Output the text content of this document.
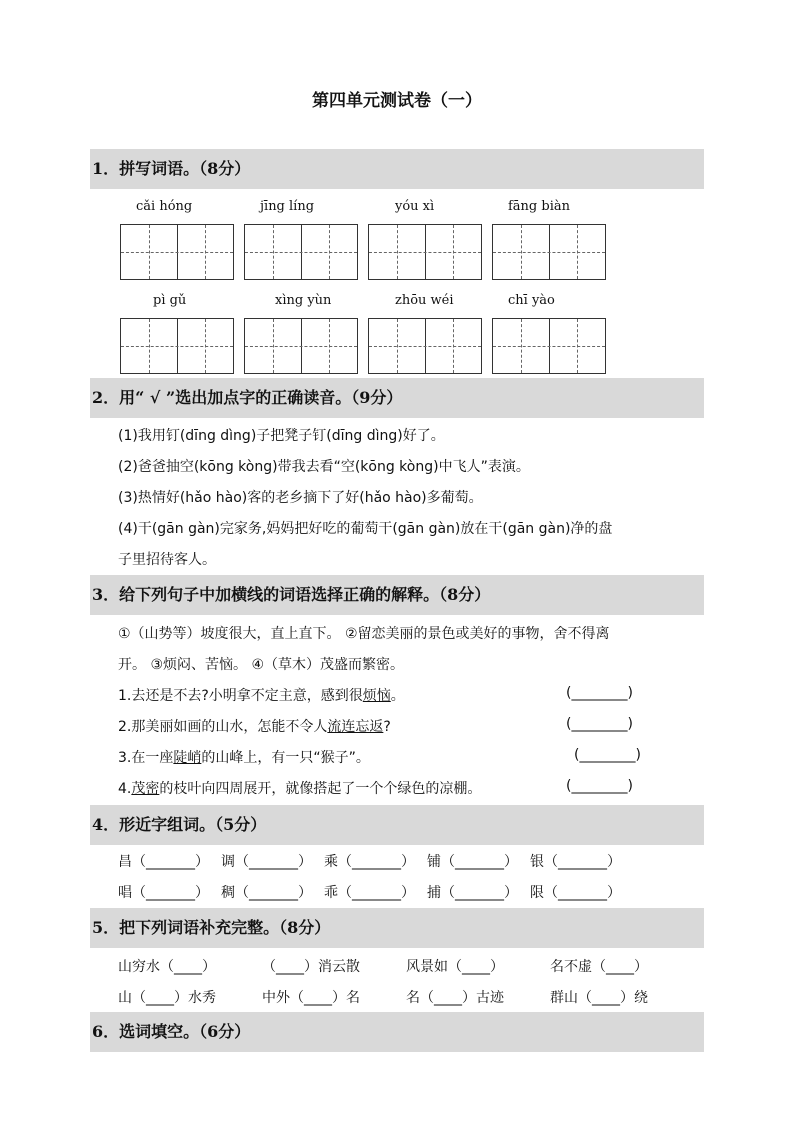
第四单元测试卷（一）
1．拼写词语。（8分）
cǎi hóng	jīng líng	yóu xì	fāng biàn
pì gǔ	xìng yùn	zhōu wéi	chī yào
2．用“ √ ”选出加点字的正确读音。（9分）
(1)我用钉(dīng dìng)子把凳子钉(dīng dìng)好了。
(2)爸爸抽空(kōng kòng)带我去看“空(kōng kòng)中飞人”表演。
(3)热情好(hǎo hào)客的老乡摘下了好(hǎo hào)多葡萄。
(4)干(gān gàn)完家务,妈妈把好吃的葡萄干(gān gàn)放在干(gān gàn)净的盘
子里招待客人。
3．给下列句子中加横线的词语选择正确的解释。（8分）
①（山势等）坡度很大，直上直下。 ②留恋美丽的景色或美好的事物，舍不得离
开。 ③烦闷、苦恼。 ④（草木）茂盛而繁密。
1.去还是不去?小明拿不定主意，感到很烦恼。	(________)
2.那美丽如画的山水，怎能不令人流连忘返?	(________)
3.在一座陡峭的山峰上，有一只“猴子”。	(________)
4.茂密的枝叶向四周展开，就像搭起了一个个绿色的凉棚。	(________)
4．形近字组词。（5分）
昌（_______） 调（_______） 乘（_______） 铺（_______） 银（_______）
唱（_______） 稠（_______） 乖（_______） 捕（_______） 限（_______）
5．把下列词语补充完整。（8分）
山穷水（____）	（____）消云散	风景如（____）	名不虚（____）
山（____）水秀	中外（____）名	名（____）古迹	群山（____）绕
6．选词填空。（6分）
